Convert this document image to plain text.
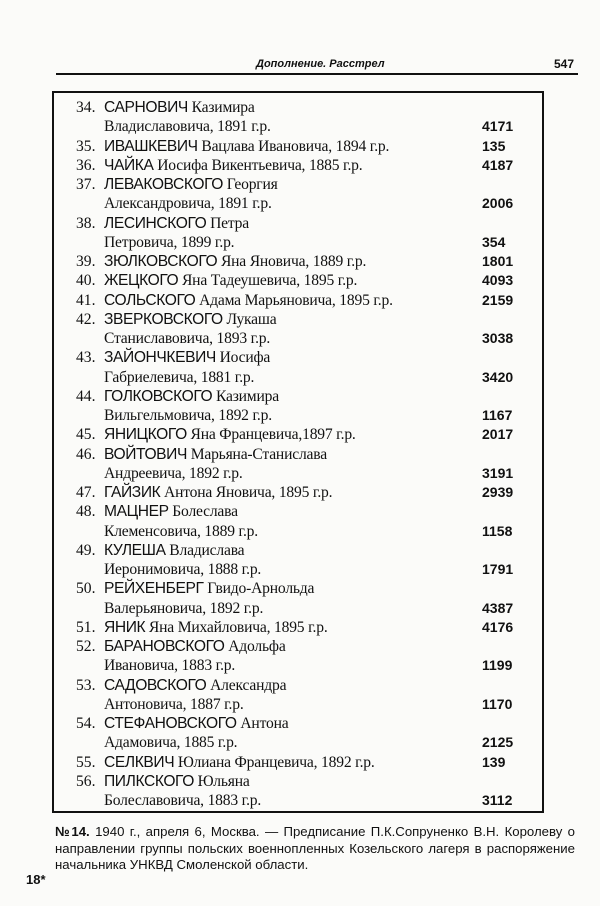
Дополнение. Расстрел	547
34. САРНОВИЧ Казимира
Владиславовича, 1891 г.р.	4171
35. ИВАШКЕВИЧ Вацлава Ивановича, 1894 г.р.	135
36. ЧАЙКА Иосифа Викентьевича, 1885 г.р.	4187
37. ЛЕВАКОВСКОГО Георгия
Александровича, 1891 г.р.	2006
38. ЛЕСИНСКОГО Петра
Петровича, 1899 г.р.	354
39. ЗЮЛКОВСКОГО Яна Яновича, 1889 г.р.	1801
40. ЖЕЦКОГО Яна Тадеушевича, 1895 г.р.	4093
41. СОЛЬСКОГО Адама Марьяновича, 1895 г.р.	2159
42. ЗВЕРКОВСКОГО Лукаша
Станиславовича, 1893 г.р.	3038
43. ЗАЙОНЧКЕВИЧ Иосифа
Габриелевича, 1881 г.р.	3420
44. ГОЛКОВСКОГО Казимира
Вильгельмовича, 1892 г.р.	1167
45. ЯНИЦКОГО Яна Францевича,1897 г.р.	2017
46. ВОЙТОВИЧ Марьяна-Станислава
Андреевича, 1892 г.р.	3191
47. ГАЙЗИК Антона Яновича, 1895 г.р.	2939
48. МАЦНЕР Болеслава
Клеменсовича, 1889 г.р.	1158
49. КУЛЕША Владислава
Иеронимовича, 1888 г.р.	1791
50. РЕЙХЕНБЕРГ Гвидо-Арнольда
Валерьяновича, 1892 г.р.	4387
51. ЯНИК Яна Михайловича, 1895 г.р.	4176
52. БАРАНОВСКОГО Адольфа
Ивановича, 1883 г.р.	1199
53. САДОВСКОГО Александра
Антоновича, 1887 г.р.	1170
54. СТЕФАНОВСКОГО Антона
Адамовича, 1885 г.р.	2125
55. СЕЛКВИЧ Юлиана Францевича, 1892 г.р.	139
56. ПИЛКСКОГО Юльяна
Болеславовича, 1883 г.р.	3112
№14. 1940 г., апреля 6, Москва. — Предписание П.К.Сопруненко В.Н. Королеву о направлении группы польских военнопленных Козельского лагеря в распоряжение начальника УНКВД Смоленской области.
18*
